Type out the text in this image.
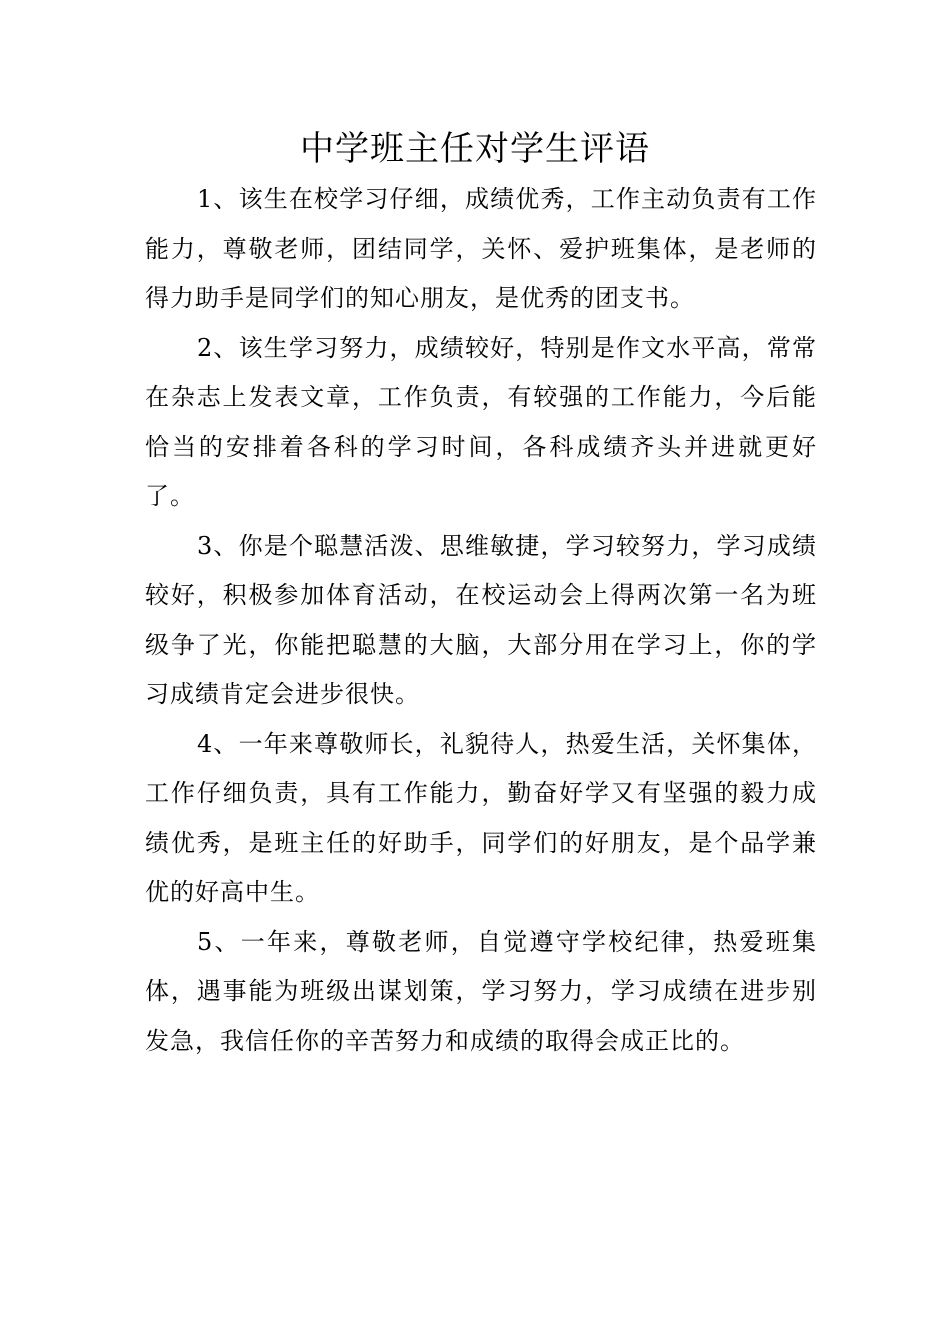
中学班主任对学生评语

1、该生在校学习仔细，成绩优秀，工作主动负责有工作能力，尊敬老师，团结同学，关怀、爱护班集体，是老师的得力助手是同学们的知心朋友，是优秀的团支书。

2、该生学习努力，成绩较好，特别是作文水平高，常常在杂志上发表文章，工作负责，有较强的工作能力，今后能恰当的安排着各科的学习时间，各科成绩齐头并进就更好了。

3、你是个聪慧活泼、思维敏捷，学习较努力，学习成绩较好，积极参加体育活动，在校运动会上得两次第一名为班级争了光，你能把聪慧的大脑，大部分用在学习上，你的学习成绩肯定会进步很快。

4、一年来尊敬师长，礼貌待人，热爱生活，关怀集体，工作仔细负责，具有工作能力，勤奋好学又有坚强的毅力成绩优秀，是班主任的好助手，同学们的好朋友，是个品学兼优的好高中生。

5、一年来，尊敬老师，自觉遵守学校纪律，热爱班集体，遇事能为班级出谋划策，学习努力，学习成绩在进步别发急，我信任你的辛苦努力和成绩的取得会成正比的。
